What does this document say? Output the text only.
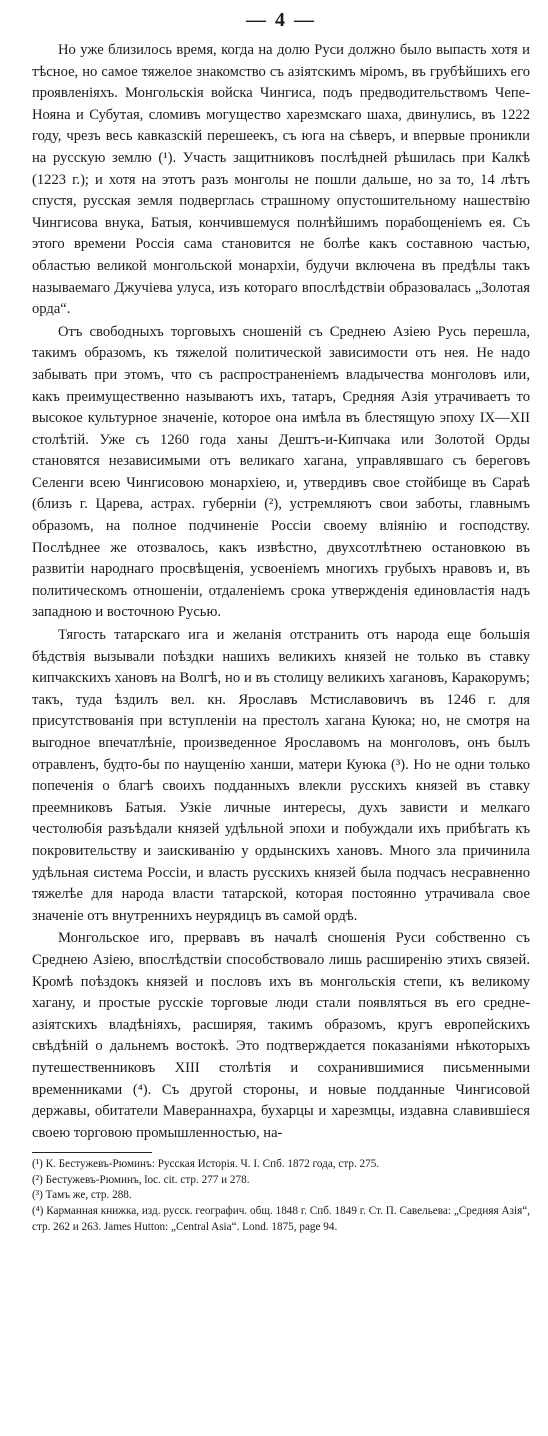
— 4 —

Но уже близилось время, когда на долю Руси должно было выпасть хотя и тѣсное, но самое тяжелое знакомство съ азіятскимъ міромъ, въ грубѣйшихъ его проявленіяхъ. Монгольскія войска Чингиса, подъ предводительствомъ Чепе-Нояна и Субутая, сломивъ могущество харезмскаго шаха, двинулись, въ 1222 году, чрезъ весь кавказскій перешеекъ, съ юга на сѣверъ, и впервые проникли на русскую землю (¹). Участь защитниковъ послѣдней рѣшилась при Калкѣ (1223 г.); и хотя на этотъ разъ монголы не пошли дальше, но за то, 14 лѣтъ спустя, русская земля подверглась страшному опустошительному нашествію Чингисова внука, Батыя, кончившемуся полнѣйшимъ порабощеніемъ ея. Съ этого времени Россія сама становится не болѣе какъ составною частью, областью великой монгольской монархіи, будучи включена въ предѣлы такъ называемаго Джучіева улуса, изъ котораго впослѣдствіи образовалась „Золотая орда“.

Отъ свободныхъ торговыхъ сношеній съ Среднею Азіею Русь перешла, такимъ образомъ, къ тяжелой политической зависимости отъ нея. Не надо забывать при этомъ, что съ распространеніемъ владычества монголовъ или, какъ преимущественно называютъ ихъ, татаръ, Средняя Азія утрачиваетъ то высокое культурное значеніе, которое она имѣла въ блестящую эпоху IX—XII столѣтій. Уже съ 1260 года ханы Дештъ-и-Кипчака или Золотой Орды становятся независимыми отъ великаго хагана, управлявшаго съ береговъ Селенги всею Чингисовою монархіею, и, утвердивъ свое стойбище въ Сараѣ (близъ г. Царева, астрах. губерніи (²), устремляютъ свои заботы, главнымъ образомъ, на полное подчиненіе Россіи своему вліянію и господству. Послѣднее же отозвалось, какъ извѣстно, двухсотлѣтнею остановкою въ развитіи народнаго просвѣщенія, усвоеніемъ многихъ грубыхъ нравовъ и, въ политическомъ отношеніи, отдаленіемъ срока утвержденія единовластія надъ западною и восточною Русью.

Тягость татарскаго ига и желанія отстранить отъ народа еще большія бѣдствія вызывали поѣздки нашихъ великихъ князей не только въ ставку кипчакскихъ хановъ на Волгѣ, но и въ столицу великихъ хагановъ, Каракорумъ; такъ, туда ѣздилъ вел. кн. Ярославъ Мстиславовичъ въ 1246 г. для присутствованія при вступленіи на престолъ хагана Куюка; но, не смотря на выгодное впечатлѣніе, произведенное Ярославомъ на монголовъ, онъ былъ отравленъ, будто-бы по наущенію ханши, матери Куюка (³). Но не одни только попеченія о благѣ своихъ подданныхъ влекли русскихъ князей въ ставку преемниковъ Батыя. Узкіе личные интересы, духъ зависти и мелкаго честолюбія разъѣдали князей удѣльной эпохи и побуждали ихъ прибѣгать къ покровительству и заискиванію у ордынскихъ хановъ. Много зла причинила удѣльная система Россіи, и власть русскихъ князей была подчасъ несравненно тяжелѣе для народа власти татарской, которая постоянно утрачивала свое значеніе отъ внутреннихъ неурядицъ въ самой ордѣ.

Монгольское иго, прервавъ въ началѣ сношенія Руси собственно съ Среднею Азіею, впослѣдствіи способствовало лишь расширенію этихъ связей. Кромѣ поѣздокъ князей и пословъ ихъ въ монгольскія степи, къ великому хагану, и простые русскіе торговые люди стали появляться въ его средне-азіятскихъ владѣніяхъ, расширяя, такимъ образомъ, кругъ европейскихъ свѣдѣній о дальнемъ востокѣ. Это подтверждается показаніями нѣкоторыхъ путешественниковъ XIII столѣтія и сохранившимися письменными временниками (⁴). Съ другой стороны, и новые подданные Чингисовой державы, обитатели Мавераннахра, бухарцы и харезмцы, издавна славившіеся своею торговою промышленностью, на-

(¹) К. Бестужевъ-Рюминъ: Русская Исторія. Ч. I. Спб. 1872 года, стр. 275.

(²) Бестужевъ-Рюминъ, loc. cit. стр. 277 и 278.

(³) Тамъ же, стр. 288.

(⁴) Карманная книжка, изд. русск. географич. общ. 1848 г. Спб. 1849 г. Ст. П. Савельева: „Средняя Азія“, стр. 262 и 263. James Hutton: „Central Asia“. Lond. 1875, page 94.
